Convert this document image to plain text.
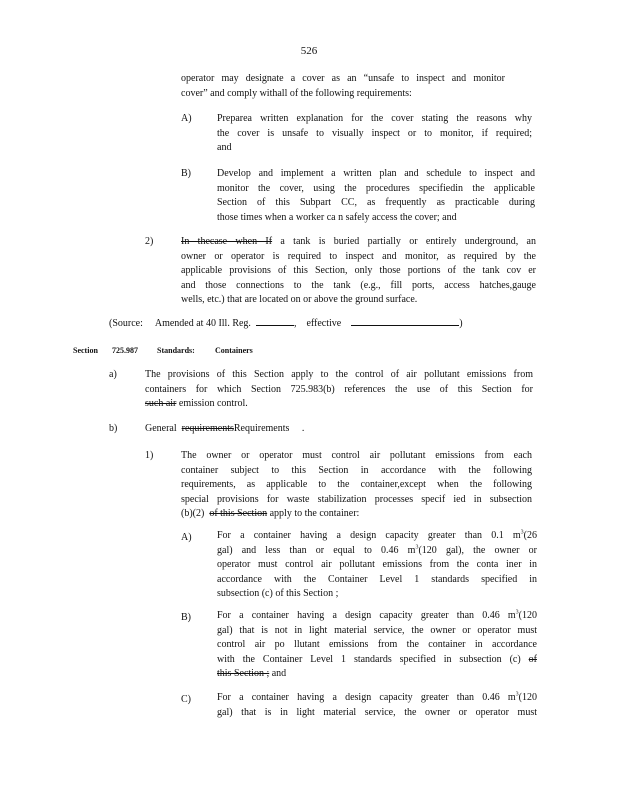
526
operator may designate a cover as an “unsafe to inspect and monitor
cover” and comply withall of the following requirements:
A)	Preparea written explanation for the cover stating the reasons why
the cover is unsafe to visually inspect or to monitor, if required;
and
B)	Develop and implement a written plan and schedule to inspect and
monitor the cover, using the procedures specifiedin the applicable
Section of this Subpart CC, as frequently as practicable during
those times when a worker ca n safely access the cover; and
2)	In thecase when If a tank is buried partially or entirely underground, an
owner or operator is required to inspect and monitor, as required by the
applicable provisions of this Section, only those portions of the tank cov er
and those connections to the tank (e.g., fill ports, access hatches,gauge
wells, etc.) that are located on or above the ground surface.
(Source: Amended at 40 Ill. Reg.	, effective	)
Section 725.987 Standards:	Containers
a)	The provisions of this Section apply to the control of air pollutant emissions from
containers for which Section 725.983(b) references the use of this Section for
such air emission control.
b)	General requirementsRequirements .
1)	The owner or operator must control air pollutant emissions from each
container subject to this Section in accordance with the following
requirements, as applicable to the container,except when the following
special provisions for waste stabilization processes specif ied in subsection
(b)(2) of this Section apply to the container:
A)	For a container having a design capacity greater than 0.1 $m^3(26$
gal) and less than or equal to 0.46 $m^3(120$ gal), the owner or
operator must control air pollutant emissions from the conta iner in
accordance with the Container Level 1 standards specified in
subsection (c) of this Section ;
B)	For a container having a design capacity greater than 0.46 $m^3(120$
gal) that is not in light material service, the owner or operator must
control air po llutant emissions from the container in accordance
with the Container Level 1 standards specified in subsection (c) of
this Section ; and
C)	For a container having a design capacity greater than 0.46 $m^3(120$
gal) that is in light material service, the owner or operator must
